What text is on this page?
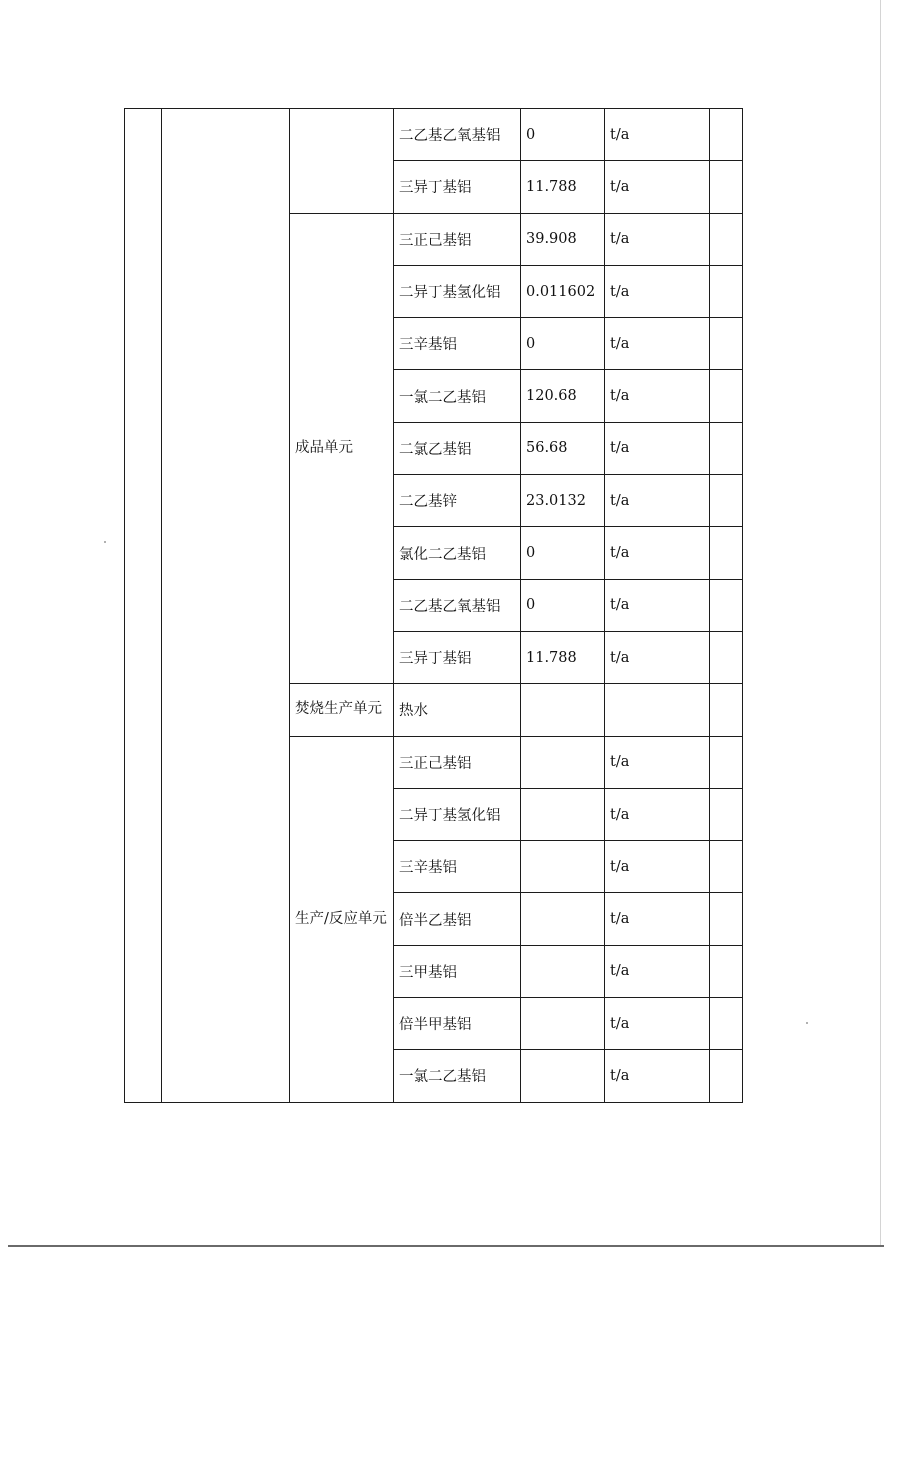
			二乙基乙氧基铝	0	t/a	
			三异丁基铝	11.788	t/a	
		成品单元	三正己基铝	39.908	t/a	
			二异丁基氢化铝	0.011602	t/a	
			三辛基铝	0	t/a	
			一氯二乙基铝	120.68	t/a	
			二氯乙基铝	56.68	t/a	
			二乙基锌	23.0132	t/a	
			氯化二乙基铝	0	t/a	
			二乙基乙氧基铝	0	t/a	
			三异丁基铝	11.788	t/a	
		焚烧生产单元	热水			
		生产/反应单元	三正己基铝		t/a	
			二异丁基氢化铝		t/a	
			三辛基铝		t/a	
			倍半乙基铝		t/a	
			三甲基铝		t/a	
			倍半甲基铝		t/a	
			一氯二乙基铝		t/a	
